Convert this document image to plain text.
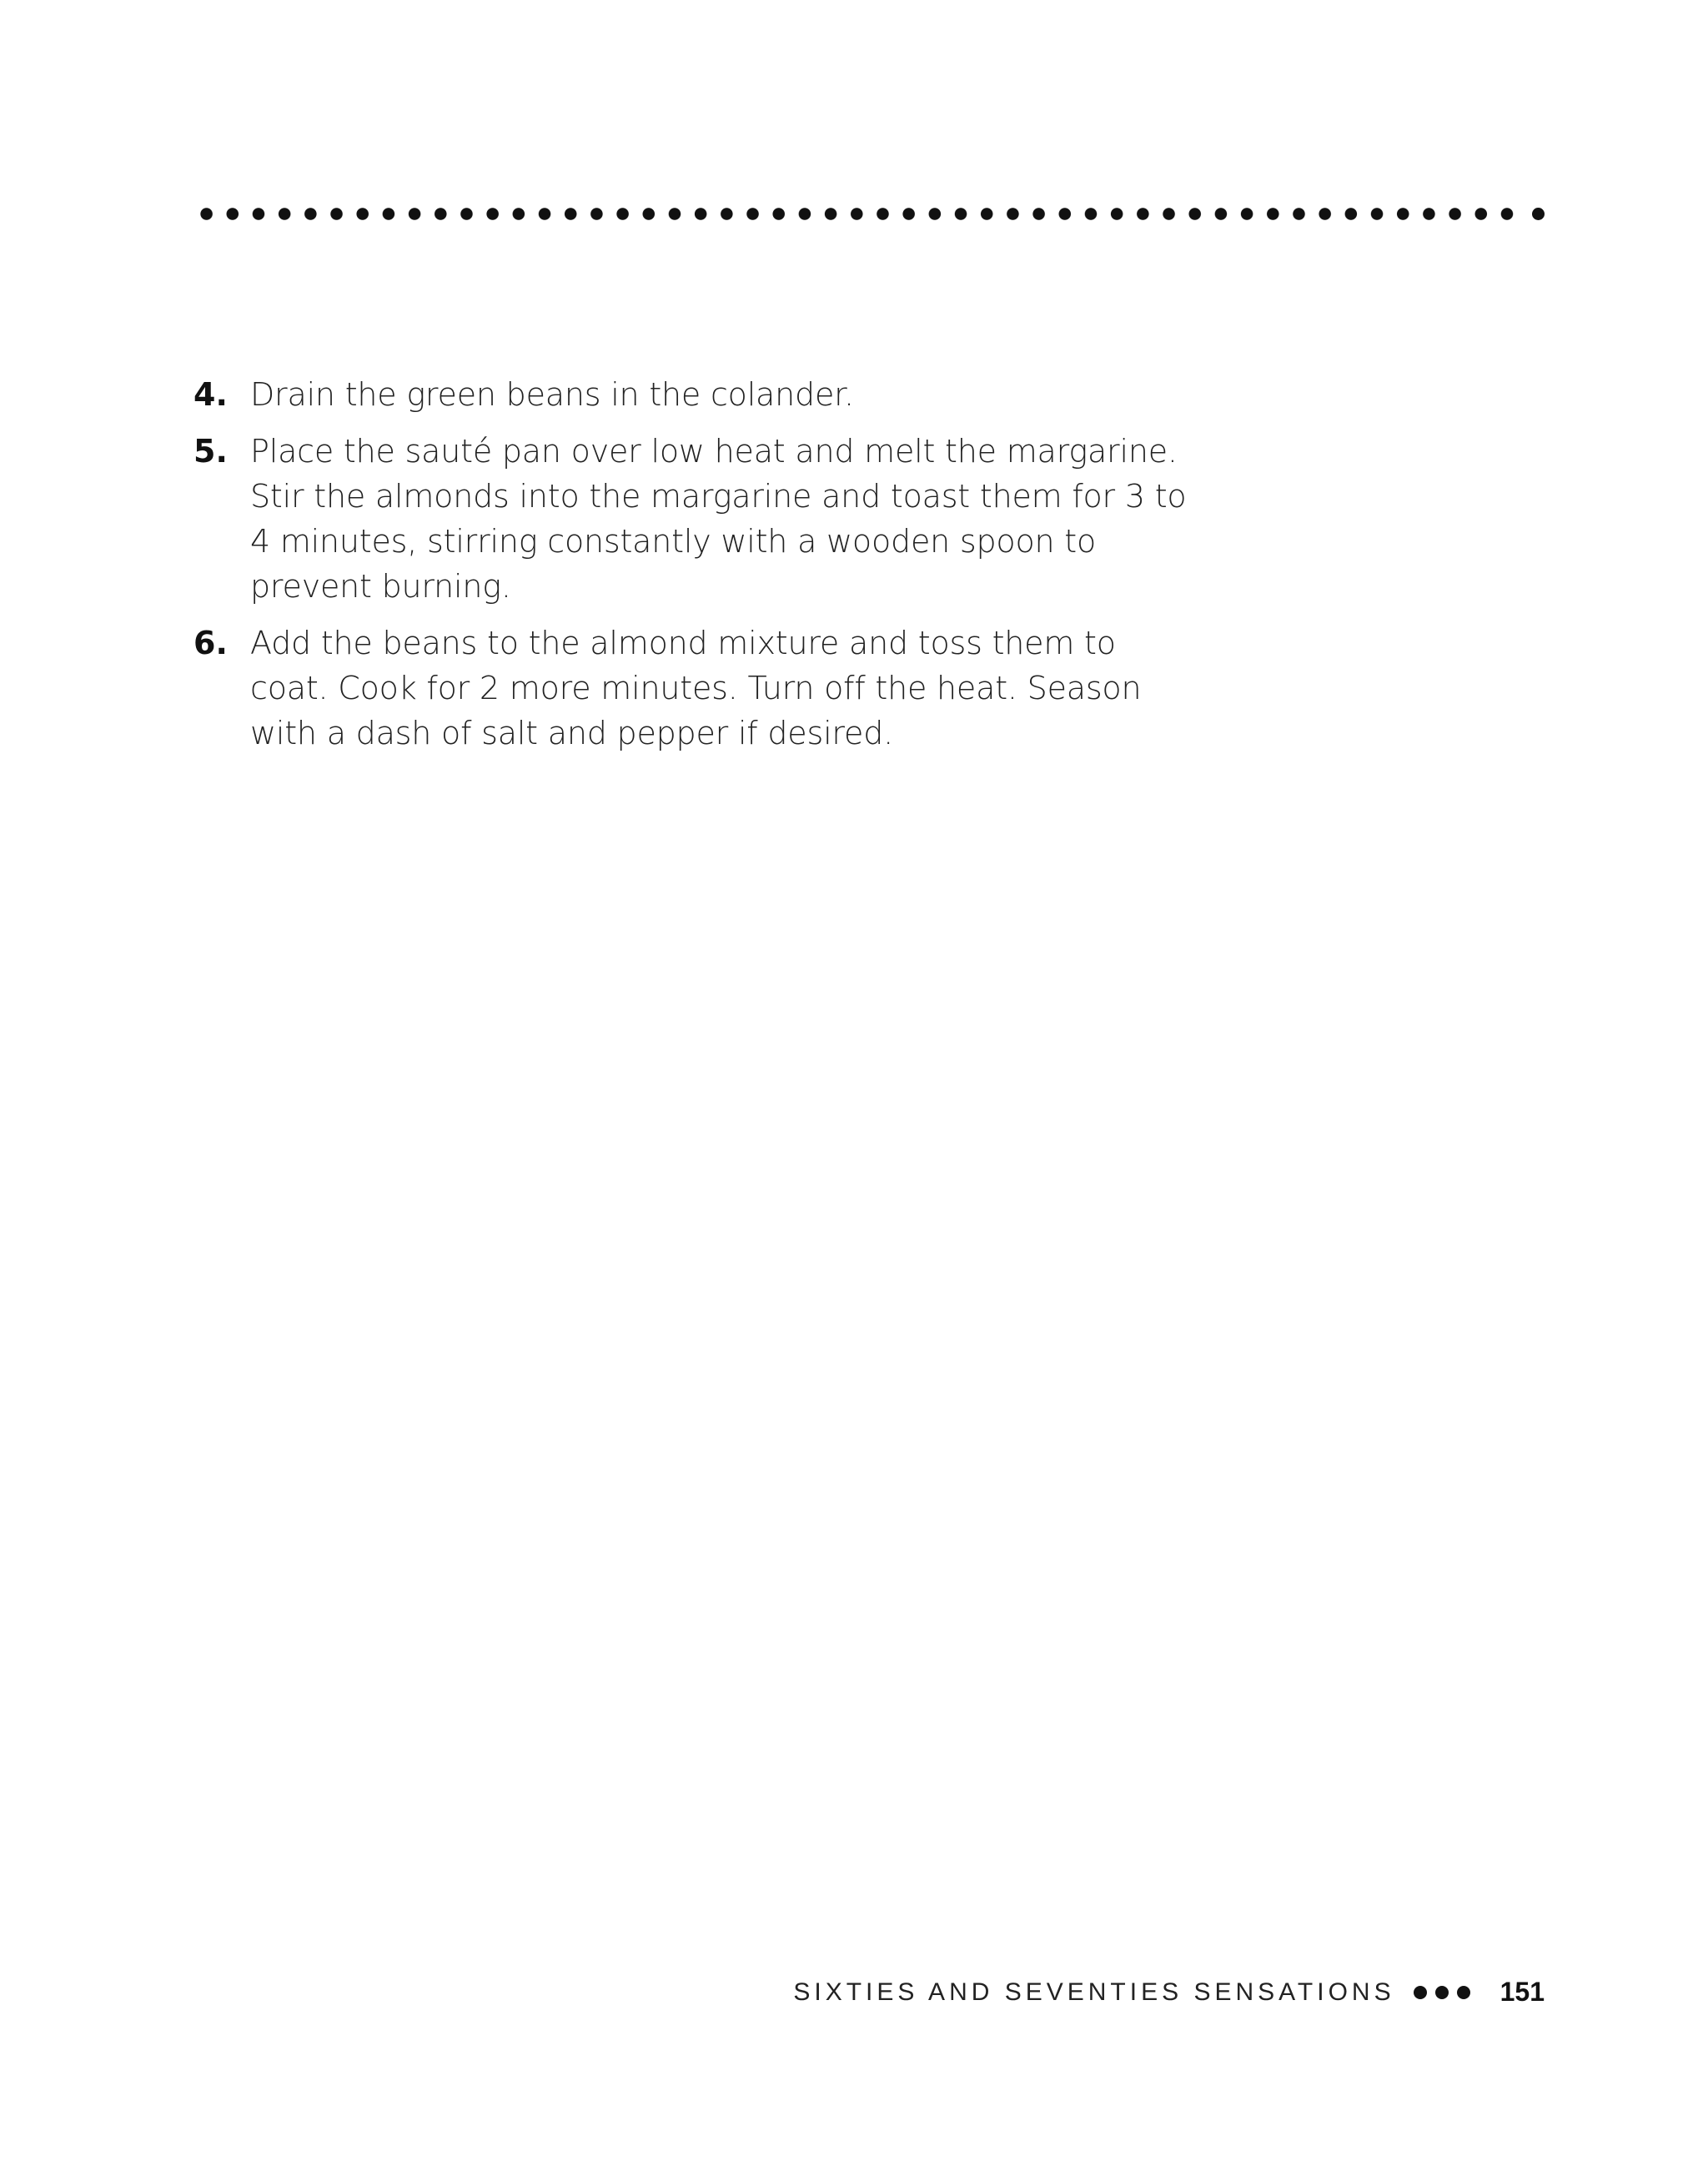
4. Drain the green beans in the colander.
5. Place the sauté pan over low heat and melt the margarine. Stir the almonds into the margarine and toast them for 3 to 4 minutes, stirring constantly with a wooden spoon to prevent burning.
6. Add the beans to the almond mixture and toss them to coat. Cook for 2 more minutes. Turn off the heat. Season with a dash of salt and pepper if desired.
SIXTIES AND SEVENTIES SENSATIONS	151
